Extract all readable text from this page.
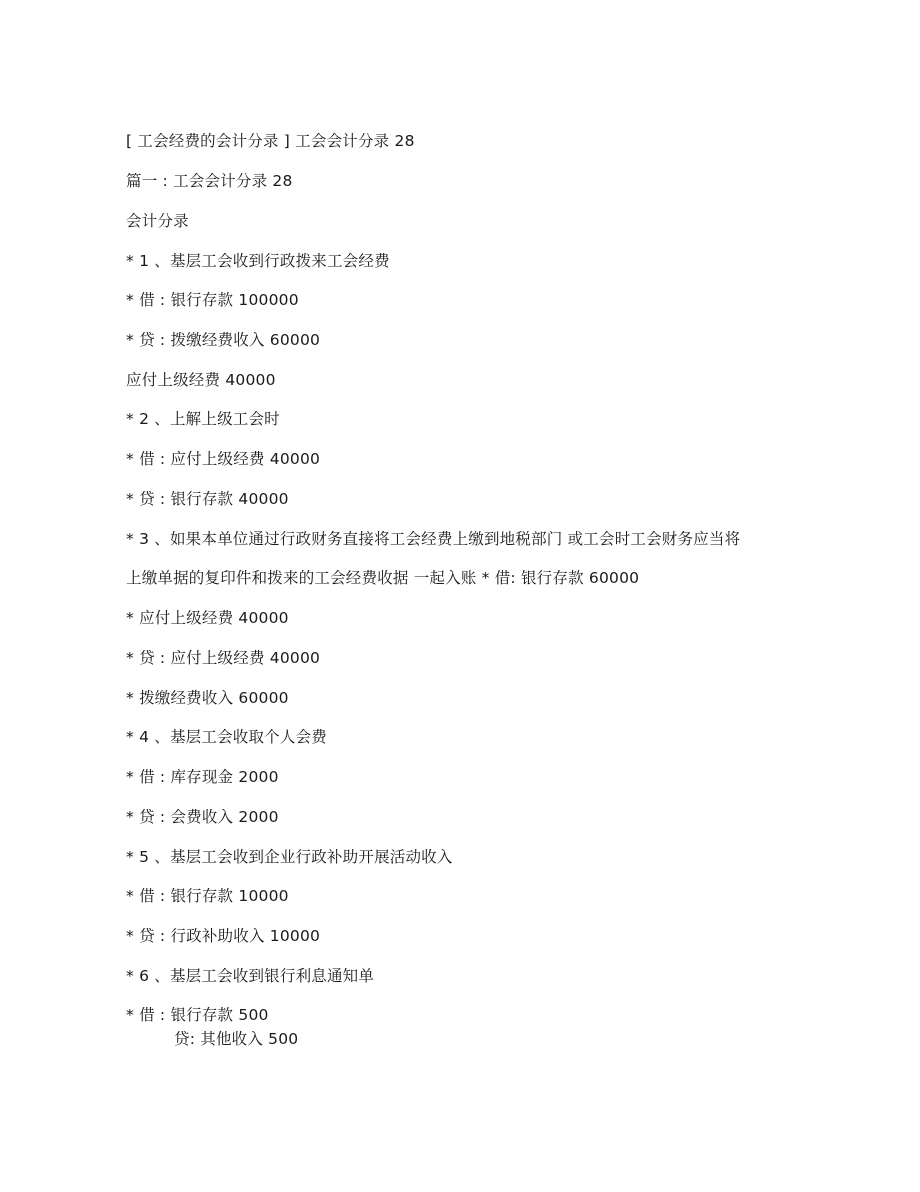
[ 工会经费的会计分录 ] 工会会计分录 28
篇一 : 工会会计分录 28
会计分录
* 1 、基层工会收到行政拨来工会经费
* 借 : 银行存款 100000
* 贷 : 拨缴经费收入 60000
应付上级经费 40000
* 2 、上解上级工会时
* 借 : 应付上级经费 40000
* 贷 : 银行存款 40000
* 3 、如果本单位通过行政财务直接将工会经费上缴到地税部门 或工会时工会财务应当将
上缴单据的复印件和拨来的工会经费收据 一起入账 * 借: 银行存款 60000
* 应付上级经费 40000
* 贷 : 应付上级经费 40000
* 拨缴经费收入 60000
* 4 、基层工会收取个人会费
* 借 : 库存现金 2000
* 贷 : 会费收入 2000
* 5 、基层工会收到企业行政补助开展活动收入
* 借 : 银行存款 10000
* 贷 : 行政补助收入 10000
* 6 、基层工会收到银行利息通知单
* 借 : 银行存款 500
贷: 其他收入 500
